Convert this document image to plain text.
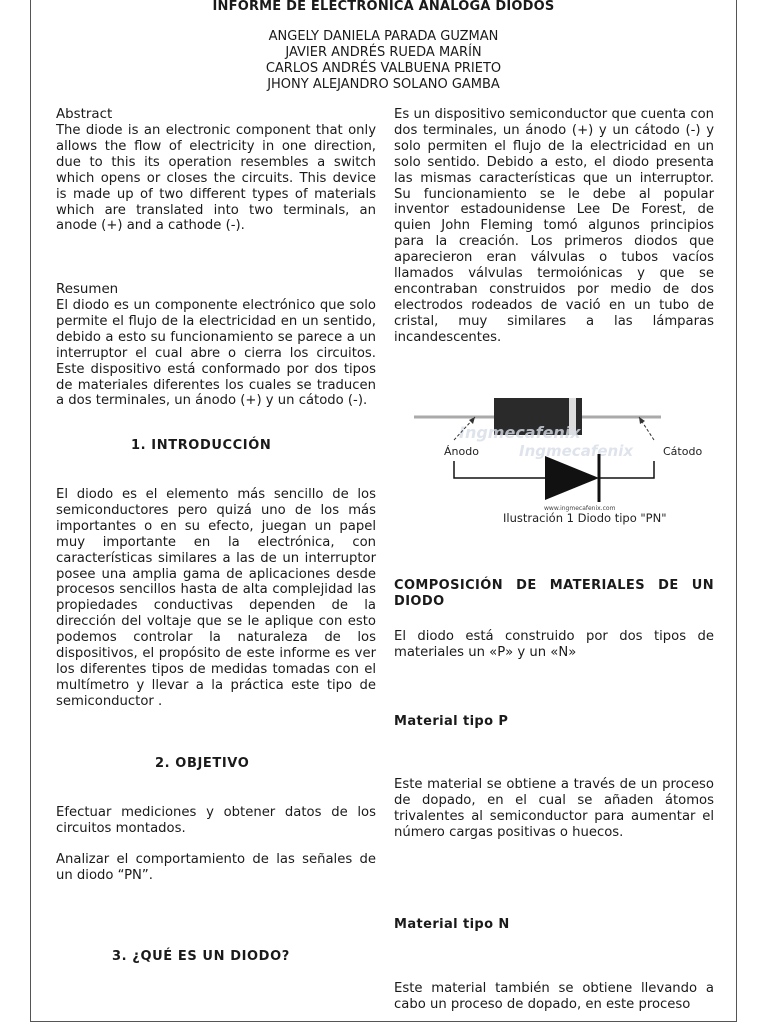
INFORME DE ELECTRONICA ANALOGA DIODOS
ANGELY DANIELA PARADA GUZMAN
JAVIER ANDRÉS RUEDA MARÍN
CARLOS ANDRÉS VALBUENA PRIETO
JHONY ALEJANDRO SOLANO GAMBA

Abstract

The diode is an electronic component that only allows the flow of electricity in one direction, due to this its operation resembles a switch which opens or closes the circuits. This device is made up of two different types of materials which are translated into two terminals, an anode (+) and a cathode (-).

Resumen

El diodo es un componente electrónico que solo permite el flujo de la electricidad en un sentido, debido a esto su funcionamiento se parece a un interruptor el cual abre o cierra los circuitos. Este dispositivo está conformado por dos tipos de materiales diferentes los cuales se traducen a dos terminales, un ánodo (+) y un cátodo (-).

1. INTRODUCCIÓN

El diodo es el elemento más sencillo de los semiconductores pero quizá uno de los más importantes o en su efecto, juegan un papel muy importante en la electrónica, con características similares a las de un interruptor posee una amplia gama de aplicaciones desde procesos sencillos hasta de alta complejidad las propiedades conductivas dependen de la dirección del voltaje que se le aplique con esto podemos controlar la naturaleza de los dispositivos, el propósito de este informe es ver los diferentes tipos de medidas tomadas con el multímetro y llevar a la práctica este tipo de semiconductor .

2. OBJETIVO

Efectuar mediciones y obtener datos de los circuitos montados.

Analizar el comportamiento de las señales de un diodo “PN”.

3. ¿QUÉ ES UN DIODO?

Es un dispositivo semiconductor que cuenta con dos terminales, un ánodo (+) y un cátodo (-) y solo permiten el flujo de la electricidad en un solo sentido. Debido a esto, el diodo presenta las mismas características que un interruptor. Su funcionamiento se le debe al popular inventor estadounidense Lee De Forest, de quien John Fleming tomó algunos principios para la creación. Los primeros diodos que aparecieron eran válvulas o tubos vacíos llamados válvulas termoiónicas y que se encontraban construidos por medio de dos electrodos rodeados de vació en un tubo de cristal, muy similares a las lámparas incandescentes.

Ingmecafenix
Ingmecafenix
Ánodo	Cátodo
www.ingmecafenix.com
Ilustración 1 Diodo tipo "PN"

COMPOSICIÓN DE MATERIALES DE UN DIODO

El diodo está construido por dos tipos de materiales un «P» y un «N»

Material tipo P

Este material se obtiene a través de un proceso de dopado, en el cual se añaden átomos trivalentes al semiconductor para aumentar el número cargas positivas o huecos.

Material tipo N

Este material también se obtiene llevando a cabo un proceso de dopado, en este proceso
